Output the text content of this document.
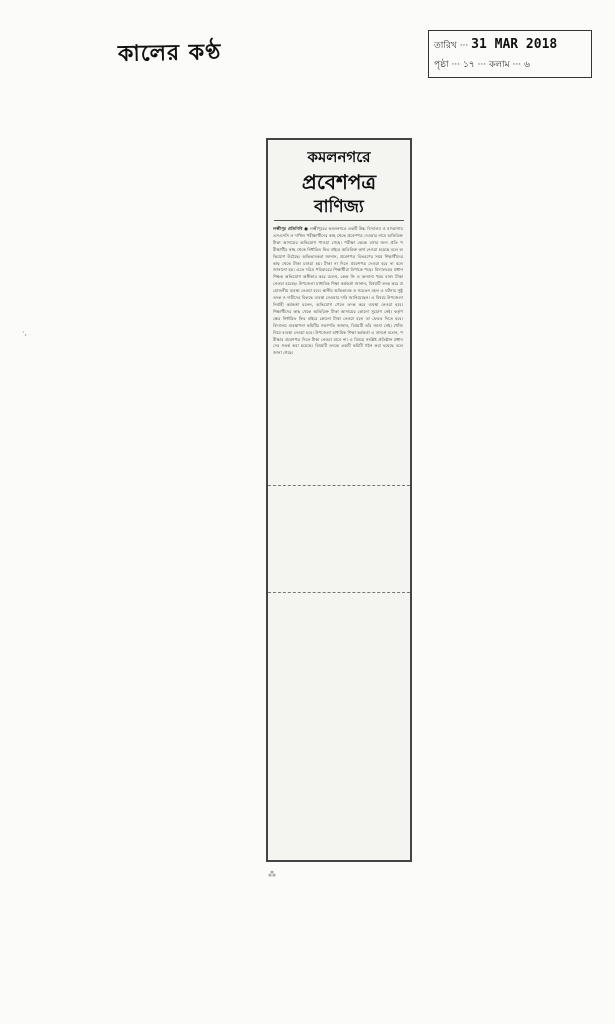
কালের কণ্ঠ	তারিখ ··· 31 MAR 2018
পৃষ্ঠা ··· ১৭ ··· কলাম ··· ৬
কমলনগরে
প্রবেশপত্র
বাণিজ্য
লক্ষ্মীপুর প্রতিনিধি ● লক্ষ্মীপুরের কমলনগরে একটি উচ্চ বিদ্যালয় ও মাদরাসায় এসএসসি ও দাখিল পরীক্ষার্থীদের কাছ থেকে প্রবেশপত্র দেওয়ার নামে অতিরিক্ত টাকা আদায়ের অভিযোগ পাওয়া গেছে। পরীক্ষা কেন্দ্রে বসার জন্য প্রতি পরীক্ষার্থীর কাছ থেকে নির্ধারিত ফির বাইরে অতিরিক্ত অর্থ নেওয়া হয়েছে বলে অভিযোগ উঠেছে। অভিভাবকরা জানান, প্রবেশপত্র বিতরণের সময় শিক্ষার্থীদের কাছ থেকে টাকা চাওয়া হয়। টাকা না দিলে প্রবেশপত্র দেওয়া হবে না বলে জানানো হয়। এতে দরিদ্র পরিবারের শিক্ষার্থীরা বিপাকে পড়ে। বিদ্যালয়ের প্রধান শিক্ষক অভিযোগ অস্বীকার করে বলেন, কেন্দ্র ফি ও অন্যান্য খরচ বাবদ টাকা নেওয়া হয়েছে। উপজেলা মাধ্যমিক শিক্ষা কর্মকর্তা জানান, বিষয়টি তদন্ত করে প্রয়োজনীয় ব্যবস্থা নেওয়া হবে। স্থানীয় অভিভাবক ও সচেতন মহল এ ঘটনার সুষ্ঠু তদন্ত ও দায়ীদের বিরুদ্ধে ব্যবস্থা নেওয়ার দাবি জানিয়েছেন। এ বিষয়ে উপজেলা নির্বাহী কর্মকর্তা বলেন, অভিযোগ পেলে তদন্ত করে ব্যবস্থা নেওয়া হবে। শিক্ষার্থীদের কাছ থেকে অতিরিক্ত টাকা আদায়ের কোনো সুযোগ নেই। কর্তৃপক্ষের নির্ধারিত ফির বাইরে কোনো টাকা নেওয়া হলে তা ফেরত দিতে হবে। বিদ্যালয় ব্যবস্থাপনা কমিটির সভাপতি জানান, বিষয়টি তাঁর জানা নেই। খোঁজ নিয়ে ব্যবস্থা নেওয়া হবে। উপজেলা মাধ্যমিক শিক্ষা কর্মকর্তা এ প্রসঙ্গে বলেন, পরীক্ষার প্রবেশপত্র দিতে টাকা নেওয়া যাবে না। এ বিষয়ে সংশ্লিষ্ট প্রতিষ্ঠান প্রধানদের সতর্ক করা হয়েছে। বিষয়টি তদন্তে একটি কমিটি গঠন করা হয়েছে বলে জানা গেছে।
·,
⁂
